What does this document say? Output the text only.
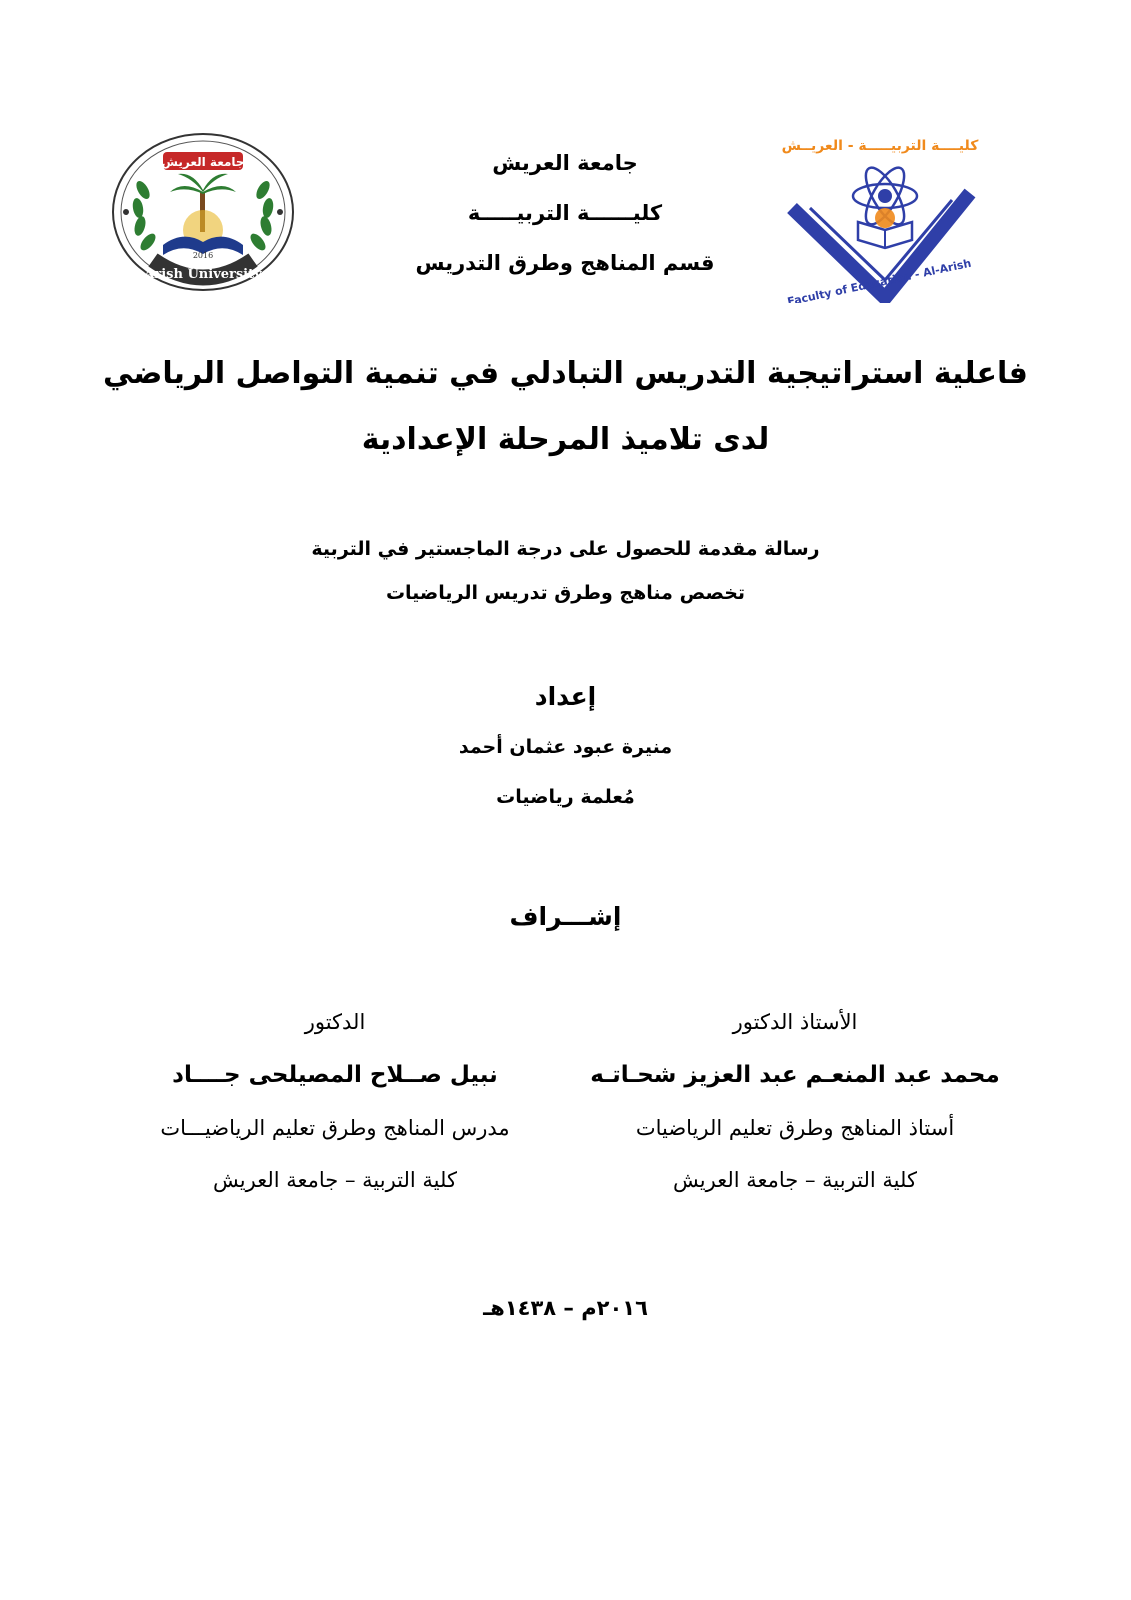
جامعة العريش
Arish University
2016
جامعة العريش
كليــــــة التربيـــــة
قسم المناهج وطرق التدريس
كليــــة التربيـــــة - العريــش
Faculty of Education - Al-Arish
فاعلية استراتيجية التدريس التبادلي في تنمية التواصل الرياضي
لدى تلاميذ المرحلة الإعدادية
رسالة مقدمة للحصول على درجة الماجستير في التربية
تخصص مناهج وطرق تدريس الرياضيات
إعداد
منيرة عبود عثمان أحمد
مُعلمة رياضيات
إشـــراف
الأستاذ الدكتور
محمد عبد المنعـم عبد العزيز شحـاتـه
أستاذ المناهج وطرق تعليم الرياضيات
كلية التربية – جامعة العريش
الدكتور
نبيل صــلاح المصيلحى جــــاد
مدرس المناهج وطرق تعليم الرياضيـــات
كلية التربية – جامعة العريش
٢٠١٦م – ١٤٣٨هـ
